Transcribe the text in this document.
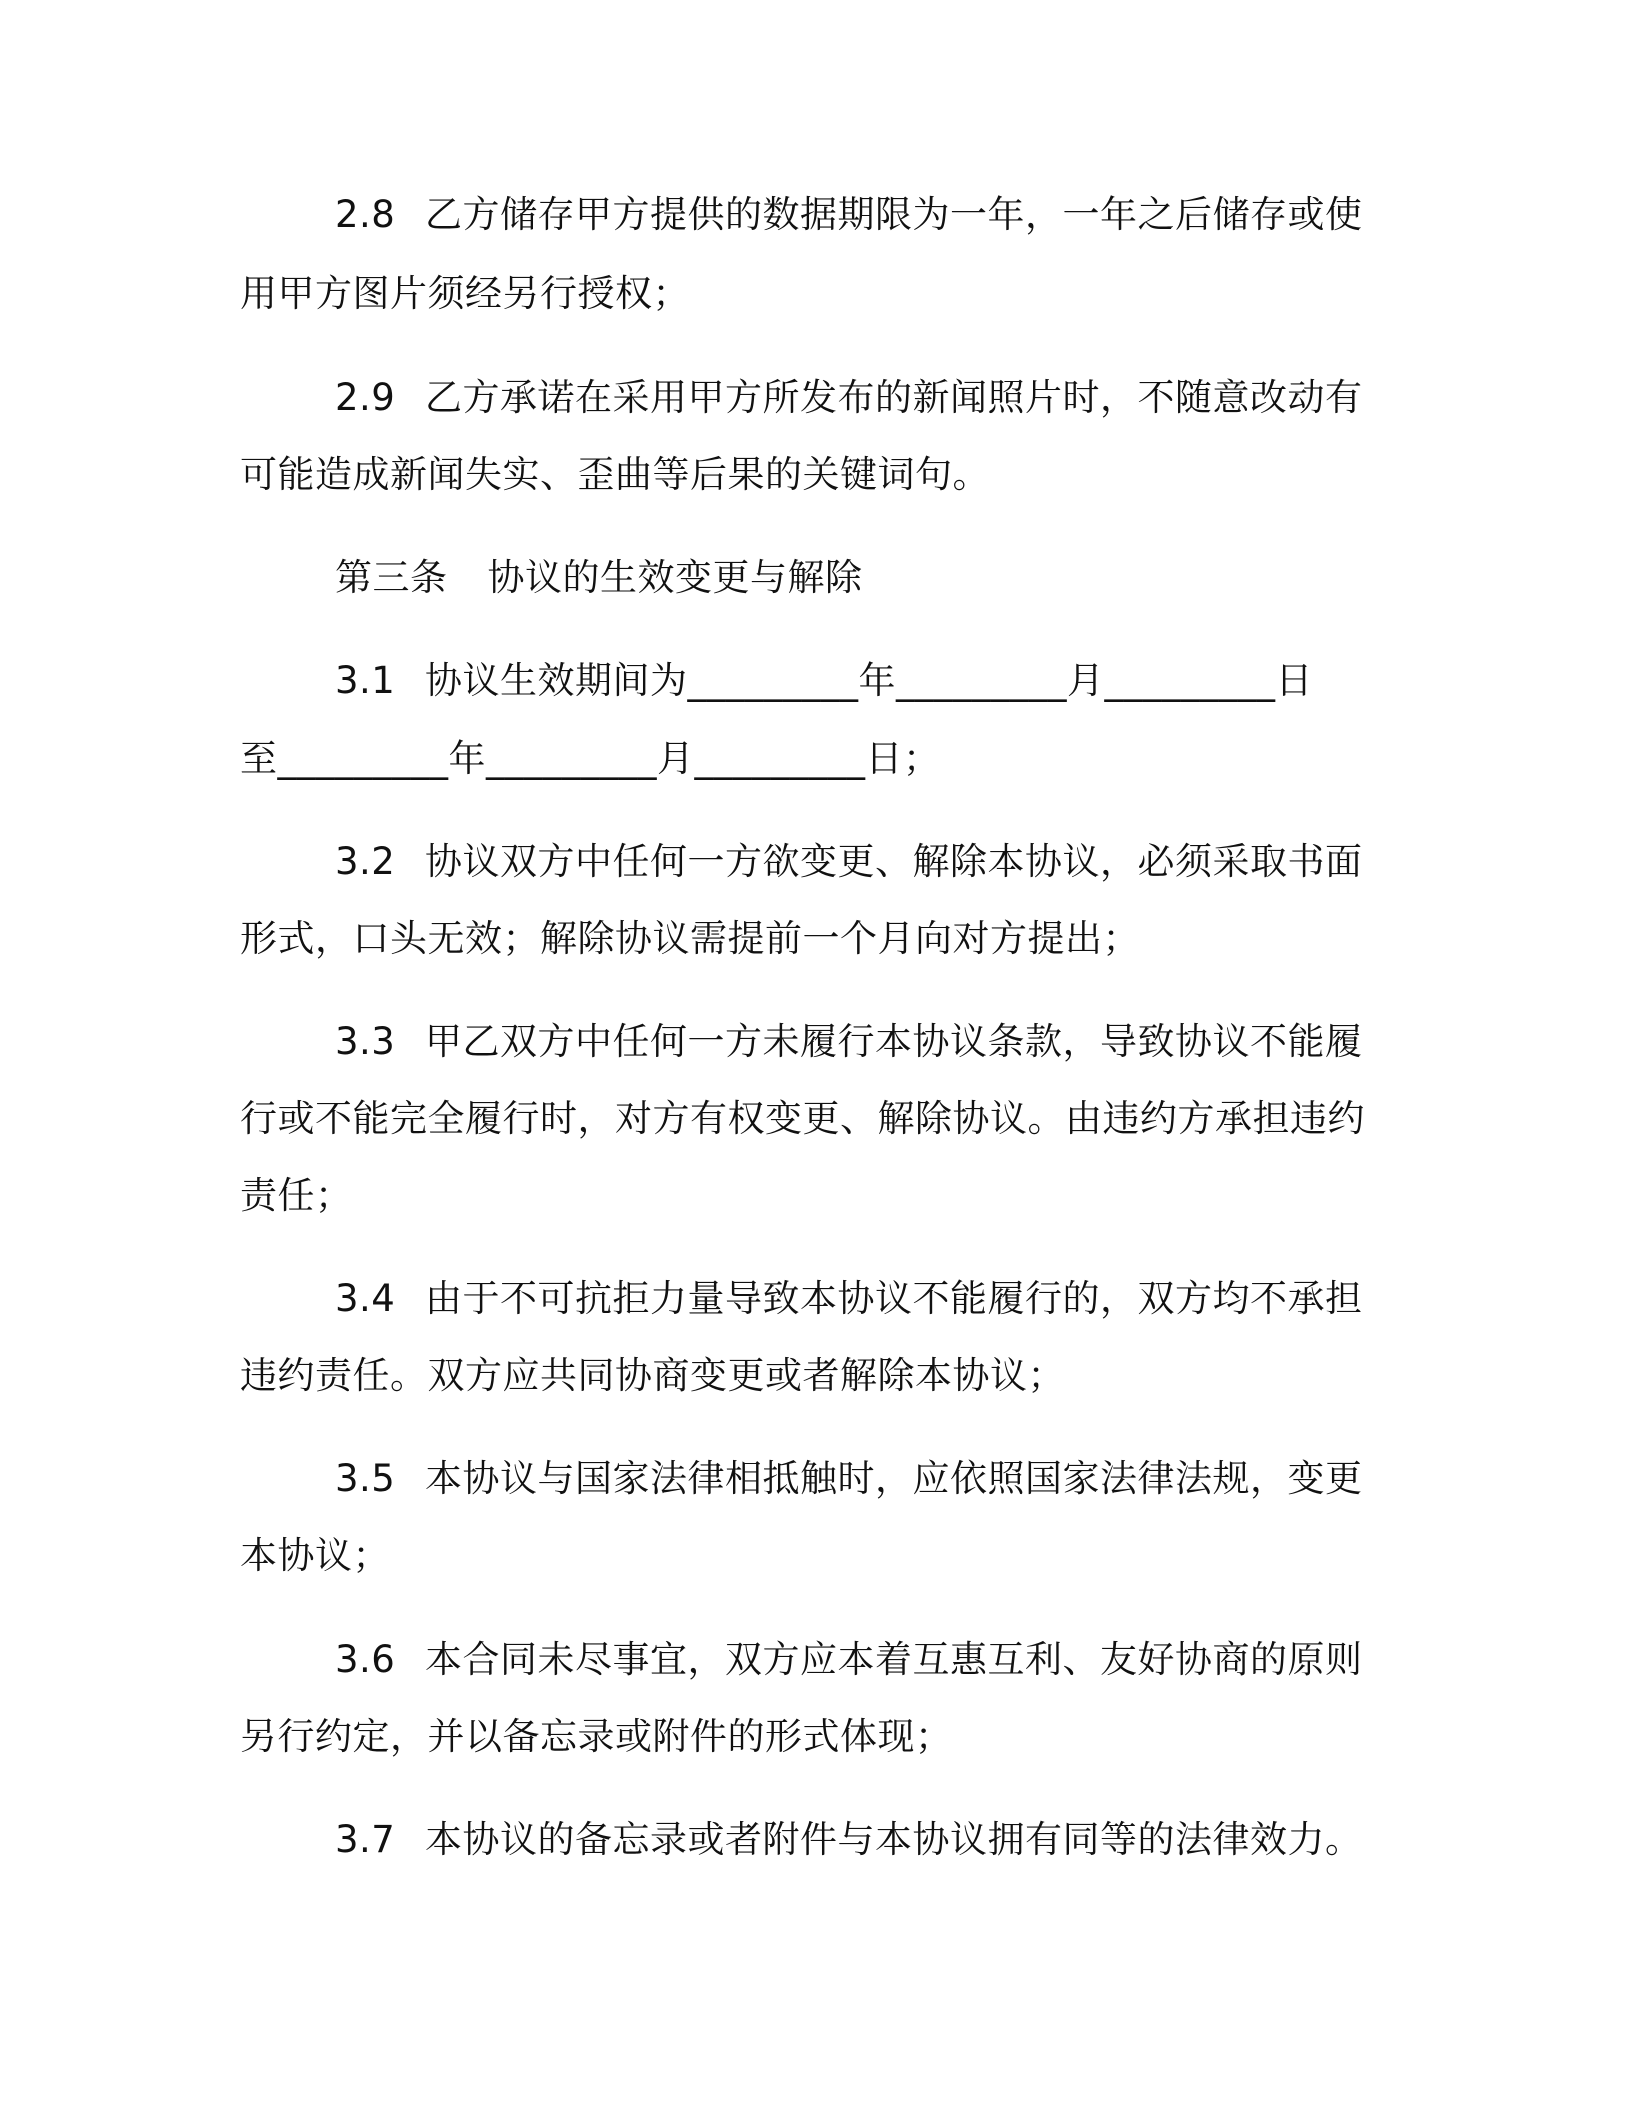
2.8 乙方储存甲方提供的数据期限为一年，一年之后储存或使
用甲方图片须经另行授权；
2.9 乙方承诺在采用甲方所发布的新闻照片时，不随意改动有
可能造成新闻失实、歪曲等后果的关键词句。
第三条 协议的生效变更与解除
3.1 协议生效期间为_________年_________月_________日
至_________年_________月_________日；
3.2 协议双方中任何一方欲变更、解除本协议，必须采取书面
形式，口头无效；解除协议需提前一个月向对方提出；
3.3 甲乙双方中任何一方未履行本协议条款，导致协议不能履
行或不能完全履行时，对方有权变更、解除协议。由违约方承担违约
责任；
3.4 由于不可抗拒力量导致本协议不能履行的，双方均不承担
违约责任。双方应共同协商变更或者解除本协议；
3.5 本协议与国家法律相抵触时，应依照国家法律法规，变更
本协议；
3.6 本合同未尽事宜，双方应本着互惠互利、友好协商的原则
另行约定，并以备忘录或附件的形式体现；
3.7 本协议的备忘录或者附件与本协议拥有同等的法律效力。
